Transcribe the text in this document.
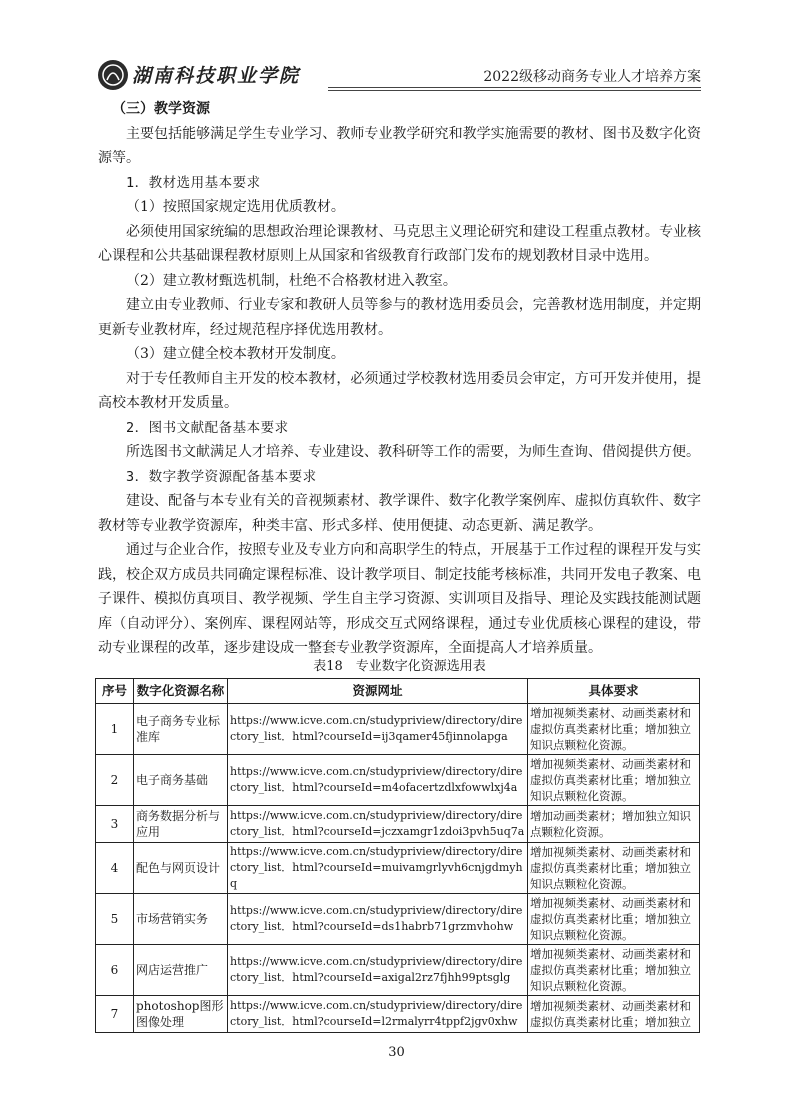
湖南科技职业学院	2022级移动商务专业人才培养方案
（三）教学资源

主要包括能够满足学生专业学习、教师专业教学研究和教学实施需要的教材、图书及数字化资源等。

1．教材选用基本要求

（1）按照国家规定选用优质教材。

必须使用国家统编的思想政治理论课教材、马克思主义理论研究和建设工程重点教材。专业核心课程和公共基础课程教材原则上从国家和省级教育行政部门发布的规划教材目录中选用。

（2）建立教材甄选机制，杜绝不合格教材进入教室。

建立由专业教师、行业专家和教研人员等参与的教材选用委员会，完善教材选用制度，并定期更新专业教材库，经过规范程序择优选用教材。

（3）建立健全校本教材开发制度。

对于专任教师自主开发的校本教材，必须通过学校教材选用委员会审定，方可开发并使用，提高校本教材开发质量。

2．图书文献配备基本要求

所选图书文献满足人才培养、专业建设、教科研等工作的需要，为师生查询、借阅提供方便。

3．数字教学资源配备基本要求

建设、配备与本专业有关的音视频素材、教学课件、数字化教学案例库、虚拟仿真软件、数字教材等专业教学资源库，种类丰富、形式多样、使用便捷、动态更新、满足教学。

通过与企业合作，按照专业及专业方向和高职学生的特点，开展基于工作过程的课程开发与实践，校企双方成员共同确定课程标准、设计教学项目、制定技能考核标准，共同开发电子教案、电子课件、模拟仿真项目、教学视频、学生自主学习资源、实训项目及指导、理论及实践技能测试题库（自动评分）、案例库、课程网站等，形成交互式网络课程，通过专业优质核心课程的建设，带动专业课程的改革，逐步建设成一整套专业教学资源库，全面提高人才培养质量。

表18　专业数字化资源选用表
序号	数字化资源名称	资源网址	具体要求
1	电子商务专业标准库	https://www.icve.com.cn/studypriview/directory/directory_list．html?courseId=ij3qamer45fjinnolapga	增加视频类素材、动画类素材和虚拟仿真类素材比重；增加独立知识点颗粒化资源。
2	电子商务基础	https://www.icve.com.cn/studypriview/directory/directory_list．html?courseId=m4ofacertzdlxfowwlxj4a	增加视频类素材、动画类素材和虚拟仿真类素材比重；增加独立知识点颗粒化资源。
3	商务数据分析与应用	https://www.icve.com.cn/studypriview/directory/directory_list．html?courseId=jczxamgr1zdoi3pvh5uq7a	增加动画类素材；增加独立知识点颗粒化资源。
4	配色与网页设计	https://www.icve.com.cn/studypriview/directory/directory_list．html?courseId=muivamgrlyvh6cnjgdmyhq	增加视频类素材、动画类素材和虚拟仿真类素材比重；增加独立知识点颗粒化资源。
5	市场营销实务	https://www.icve.com.cn/studypriview/directory/directory_list．html?courseId=ds1habrb71grzmvhohw	增加视频类素材、动画类素材和虚拟仿真类素材比重；增加独立知识点颗粒化资源。
6	网店运营推广	https://www.icve.com.cn/studypriview/directory/directory_list．html?courseId=axigal2rz7fjhh99ptsglg	增加视频类素材、动画类素材和虚拟仿真类素材比重；增加独立知识点颗粒化资源。
7	photoshop图形图像处理	https://www.icve.com.cn/studypriview/directory/directory_list．html?courseId=l2rmalyrr4tppf2jgv0xhw	增加视频类素材、动画类素材和虚拟仿真类素材比重；增加独立
30
